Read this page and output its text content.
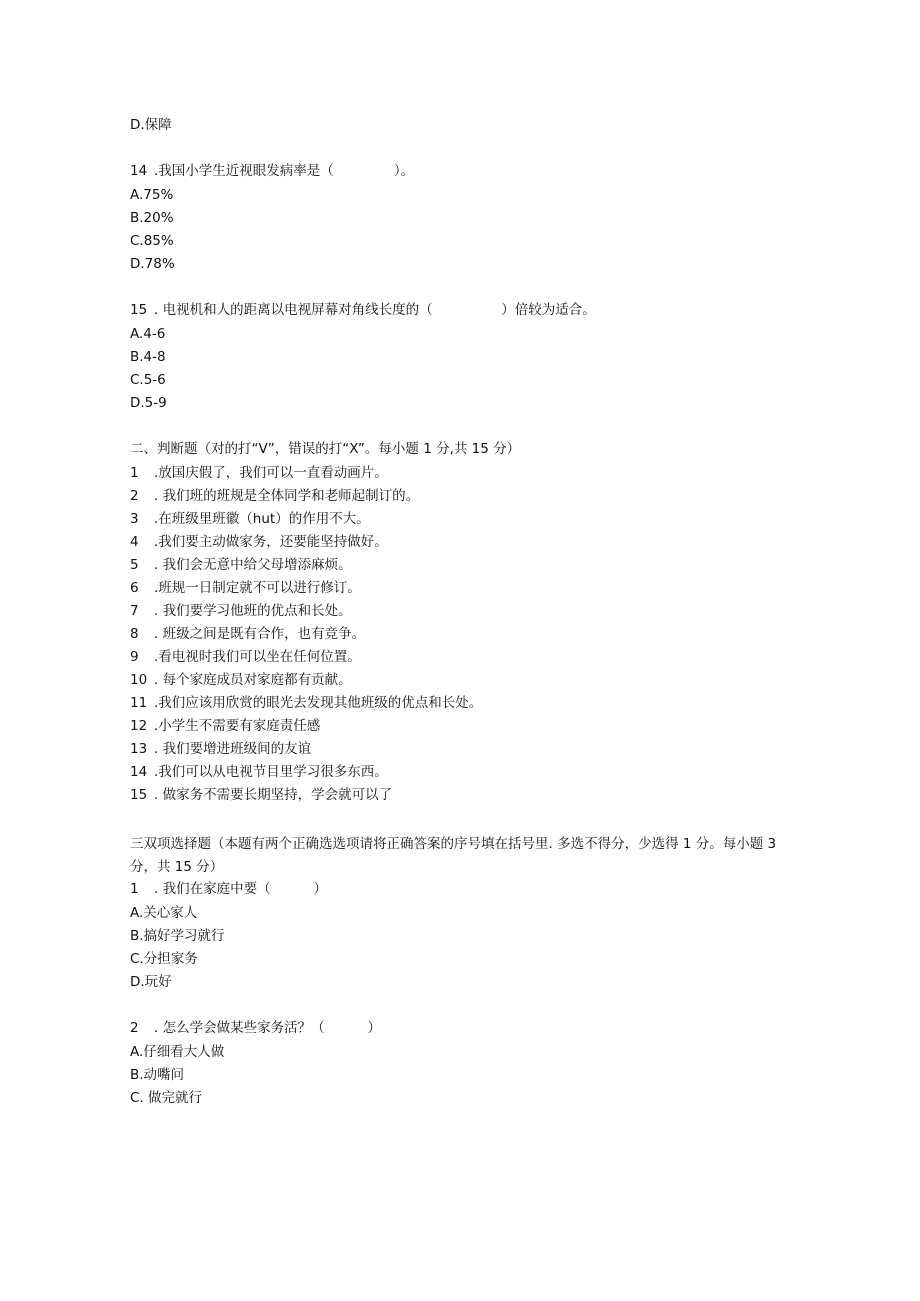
D.保障
14 .我国小学生近视眼发病率是（              ）。
A.75%
B.20%
C.85%
D.78%
15 . 电视机和人的距离以电视屏幕对角线长度的（                ）倍较为适合。
A.4-6
B.4-8
C.5-6
D.5-9
二、判断题（对的打“V”，错误的打“X”。每小题 1 分,共 15 分）
1 .放国庆假了，我们可以一直看动画片。
2 . 我们班的班规是全体同学和老师起制订的。
3 .在班级里班徽（hut）的作用不大。
4 .我们要主动做家务，还要能坚持做好。
5 . 我们会无意中给父母增添麻烦。
6 .班规一日制定就不可以进行修订。
7 . 我们要学习他班的优点和长处。
8 . 班级之间是既有合作，也有竞争。
9 .看电视时我们可以坐在任何位置。
10 . 每个家庭成员对家庭都有贡献。
11 .我们应该用欣赏的眼光去发现其他班级的优点和长处。
12 .小学生不需要有家庭责任感
13 . 我们要增进班级间的友谊
14 .我们可以从电视节目里学习很多东西。
15 . 做家务不需要长期坚持，学会就可以了
三双项选择题（本题有两个正确选选项请将正确答案的序号填在括号里. 多选不得分，少选得 1 分。每小题 3 分，共 15 分）
1 . 我们在家庭中要（          ）
A.关心家人
B.搞好学习就行
C.分担家务
D.玩好
2 . 怎么学会做某些家务活？（          ）
A.仔细看大人做
B.动嘴问
C. 做完就行
